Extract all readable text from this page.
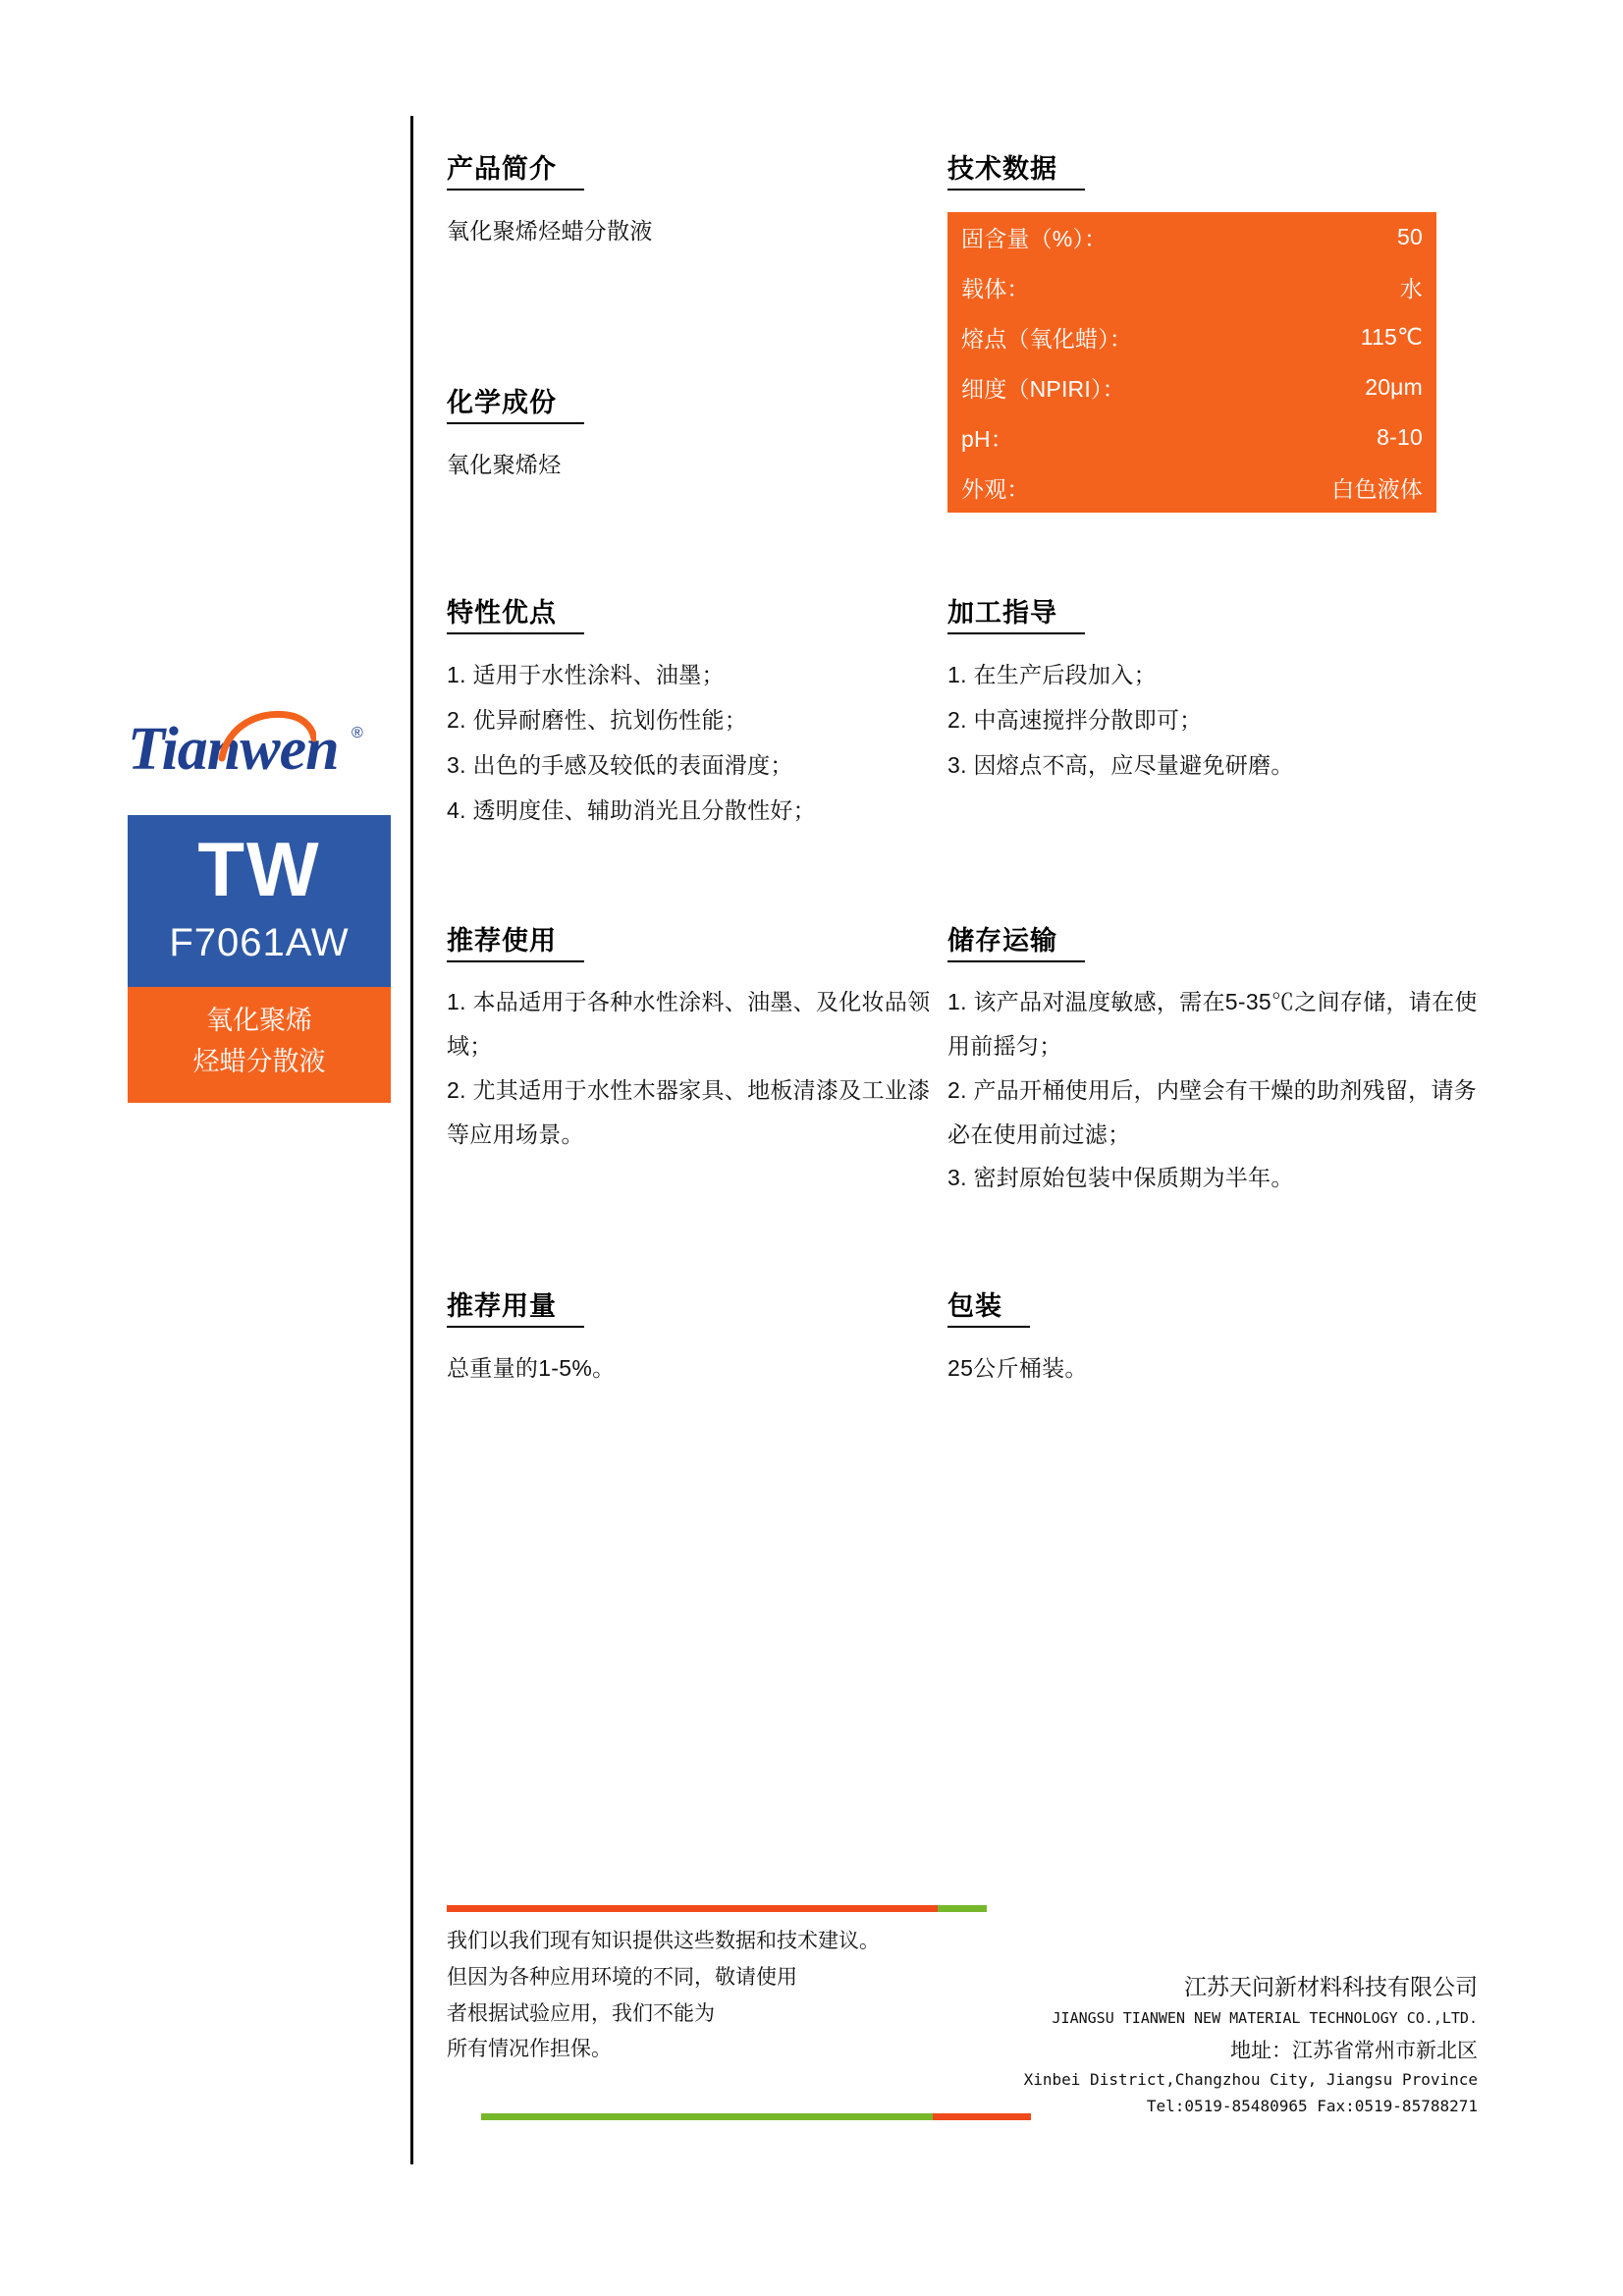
Tianwen ®
TW
F7061AW
氧化聚烯
烃蜡分散液
产品简介
氧化聚烯烃蜡分散液
化学成份
氧化聚烯烃
特性优点
1. 适用于水性涂料、油墨；
2. 优异耐磨性、抗划伤性能；
3. 出色的手感及较低的表面滑度；
4. 透明度佳、辅助消光且分散性好；
推荐使用
1. 本品适用于各种水性涂料、油墨、及化妆品领域；
2. 尤其适用于水性木器家具、地板清漆及工业漆等应用场景。
推荐用量
总重量的1-5%。
技术数据
固含量（%）：	50
载体：	水
熔点（氧化蜡）：	115℃
细度（NPIRI）：	20μm
pH：	8-10
外观：	白色液体
加工指导
1. 在生产后段加入；
2. 中高速搅拌分散即可；
3. 因熔点不高，应尽量避免研磨。
储存运输
1. 该产品对温度敏感，需在5-35℃之间存储，请在使用前摇匀；
2. 产品开桶使用后，内壁会有干燥的助剂残留，请务必在使用前过滤；
3. 密封原始包装中保质期为半年。
包装
25公斤桶装。
我们以我们现有知识提供这些数据和技术建议。
但因为各种应用环境的不同，敬请使用
者根据试验应用，我们不能为
所有情况作担保。
江苏天问新材料科技有限公司
JIANGSU TIANWEN NEW MATERIAL TECHNOLOGY CO.,LTD.
地址：江苏省常州市新北区
Xinbei District,Changzhou City, Jiangsu Province
Tel:0519-85480965 Fax:0519-85788271
